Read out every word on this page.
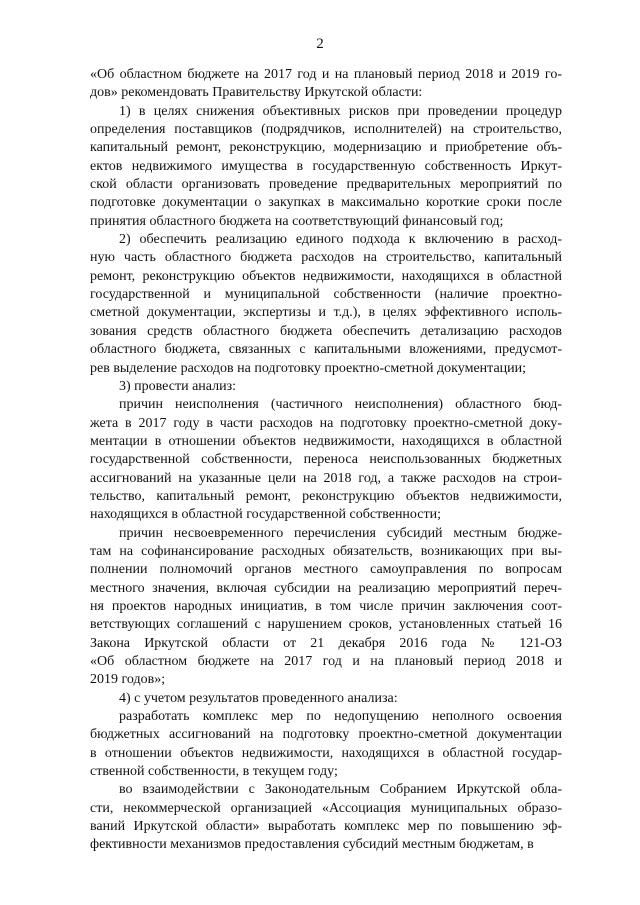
2

«Об областном бюджете на 2017 год и на плановый период 2018 и 2019 го-
дов» рекомендовать Правительству Иркутской области:

1) в целях снижения объективных рисков при проведении процедур
определения поставщиков (подрядчиков, исполнителей) на строительство,
капитальный ремонт, реконструкцию, модернизацию и приобретение объ-
ектов недвижимого имущества в государственную собственность Иркут-
ской области организовать проведение предварительных мероприятий по
подготовке документации о закупках в максимально короткие сроки после
принятия областного бюджета на соответствующий финансовый год;

2) обеспечить реализацию единого подхода к включению в расход-
ную часть областного бюджета расходов на строительство, капитальный
ремонт, реконструкцию объектов недвижимости, находящихся в областной
государственной и муниципальной собственности (наличие проектно-
сметной документации, экспертизы и т.д.), в целях эффективного исполь-
зования средств областного бюджета обеспечить детализацию расходов
областного бюджета, связанных с капитальными вложениями, предусмот-
рев выделение расходов на подготовку проектно-сметной документации;

3) провести анализ:

причин неисполнения (частичного неисполнения) областного бюд-
жета в 2017 году в части расходов на подготовку проектно-сметной доку-
ментации в отношении объектов недвижимости, находящихся в областной
государственной собственности, переноса неиспользованных бюджетных
ассигнований на указанные цели на 2018 год, а также расходов на строи-
тельство, капитальный ремонт, реконструкцию объектов недвижимости,
находящихся в областной государственной собственности;

причин несвоевременного перечисления субсидий местным бюдже-
там на софинансирование расходных обязательств, возникающих при вы-
полнении полномочий органов местного самоуправления по вопросам
местного значения, включая субсидии на реализацию мероприятий переч-
ня проектов народных инициатив, в том числе причин заключения соот-
ветствующих соглашений с нарушением сроков, установленных статьей 16
Закона Иркутской области от 21 декабря 2016 года № 121-ОЗ
«Об областном бюджете на 2017 год и на плановый период 2018 и
2019 годов»;

4) с учетом результатов проведенного анализа:

разработать комплекс мер по недопущению неполного освоения
бюджетных ассигнований на подготовку проектно-сметной документации
в отношении объектов недвижимости, находящихся в областной государ-
ственной собственности, в текущем году;

во взаимодействии с Законодательным Собранием Иркутской обла-
сти, некоммерческой организацией «Ассоциация муниципальных образо-
ваний Иркутской области» выработать комплекс мер по повышению эф-
фективности механизмов предоставления субсидий местным бюджетам, в
